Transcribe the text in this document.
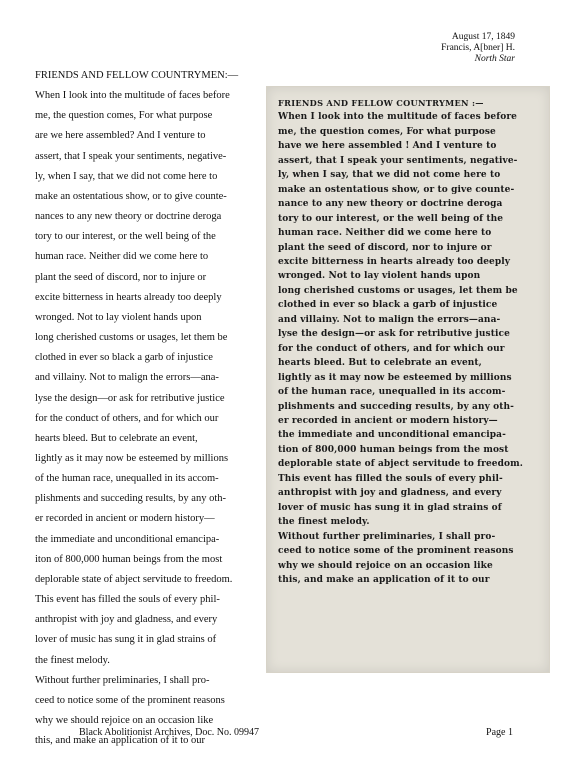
August 17, 1849
Francis, A[bner] H.
North Star
FRIENDS AND FELLOW COUNTRYMEN:—
When I look into the multitude of faces before
me, the question comes, For what purpose
are we here assembled? And I venture to
assert, that I speak your sentiments, negative-
ly, when I say, that we did not come here to
make an ostentatious show, or to give counte-
nances to any new theory or doctrine deroga
tory to our interest, or the well being of the
human race. Neither did we come here to
plant the seed of discord, nor to injure or
excite bitterness in hearts already too deeply
wronged. Not to lay violent hands upon
long cherished customs or usages, let them be
clothed in ever so black a garb of injustice
and villainy. Not to malign the errors—ana-
lyse the design—or ask for retributive justice
for the conduct of others, and for which our
hearts bleed. But to celebrate an event,
lightly as it may now be esteemed by millions
of the human race, unequalled in its accom-
plishments and succeding results, by any oth-
er recorded in ancient or modern history—
the immediate and unconditional emancipa-
iton of 800,000 human beings from the most
deplorable state of abject servitude to freedom.
This event has filled the souls of every phil-
anthropist with joy and gladness, and every
lover of music has sung it in glad strains of
the finest melody.
Without further preliminaries, I shall pro-
ceed to notice some of the prominent reasons
why we should rejoice on an occasion like
this, and make an application of it to our
FRIENDS AND FELLOW COUNTRYMEN :—
When I look into the multitude of faces before
me, the question comes, For what purpose
have we here assembled ! And I venture to
assert, that I speak your sentiments, negative-
ly, when I say, that we did not come here to
make an ostentatious show, or to give counte-
nance to any new theory or doctrine deroga
tory to our interest, or the well being of the
human race. Neither did we come here to
plant the seed of discord, nor to injure or
excite bitterness in hearts already too deeply
wronged. Not to lay violent hands upon
long cherished customs or usages, let them be
clothed in ever so black a garb of injustice
and villainy. Not to malign the errors—ana-
lyse the design—or ask for retributive justice
for the conduct of others, and for which our
hearts bleed. But to celebrate an event,
lightly as it may now be esteemed by millions
of the human race, unequalled in its accom-
plishments and succeding results, by any oth-
er recorded in ancient or modern history—
the immediate and unconditional emancipa-
tion of 800,000 human beings from the most
deplorable state of abject servitude to freedom.
This event has filled the souls of every phil-
anthropist with joy and gladness, and every
lover of music has sung it in glad strains of
the finest melody.
Without further preliminaries, I shall pro-
ceed to notice some of the prominent reasons
why we should rejoice on an occasion like
this, and make an application of it to our
Black Abolitionist Archives, Doc. No. 09947	Page 1
